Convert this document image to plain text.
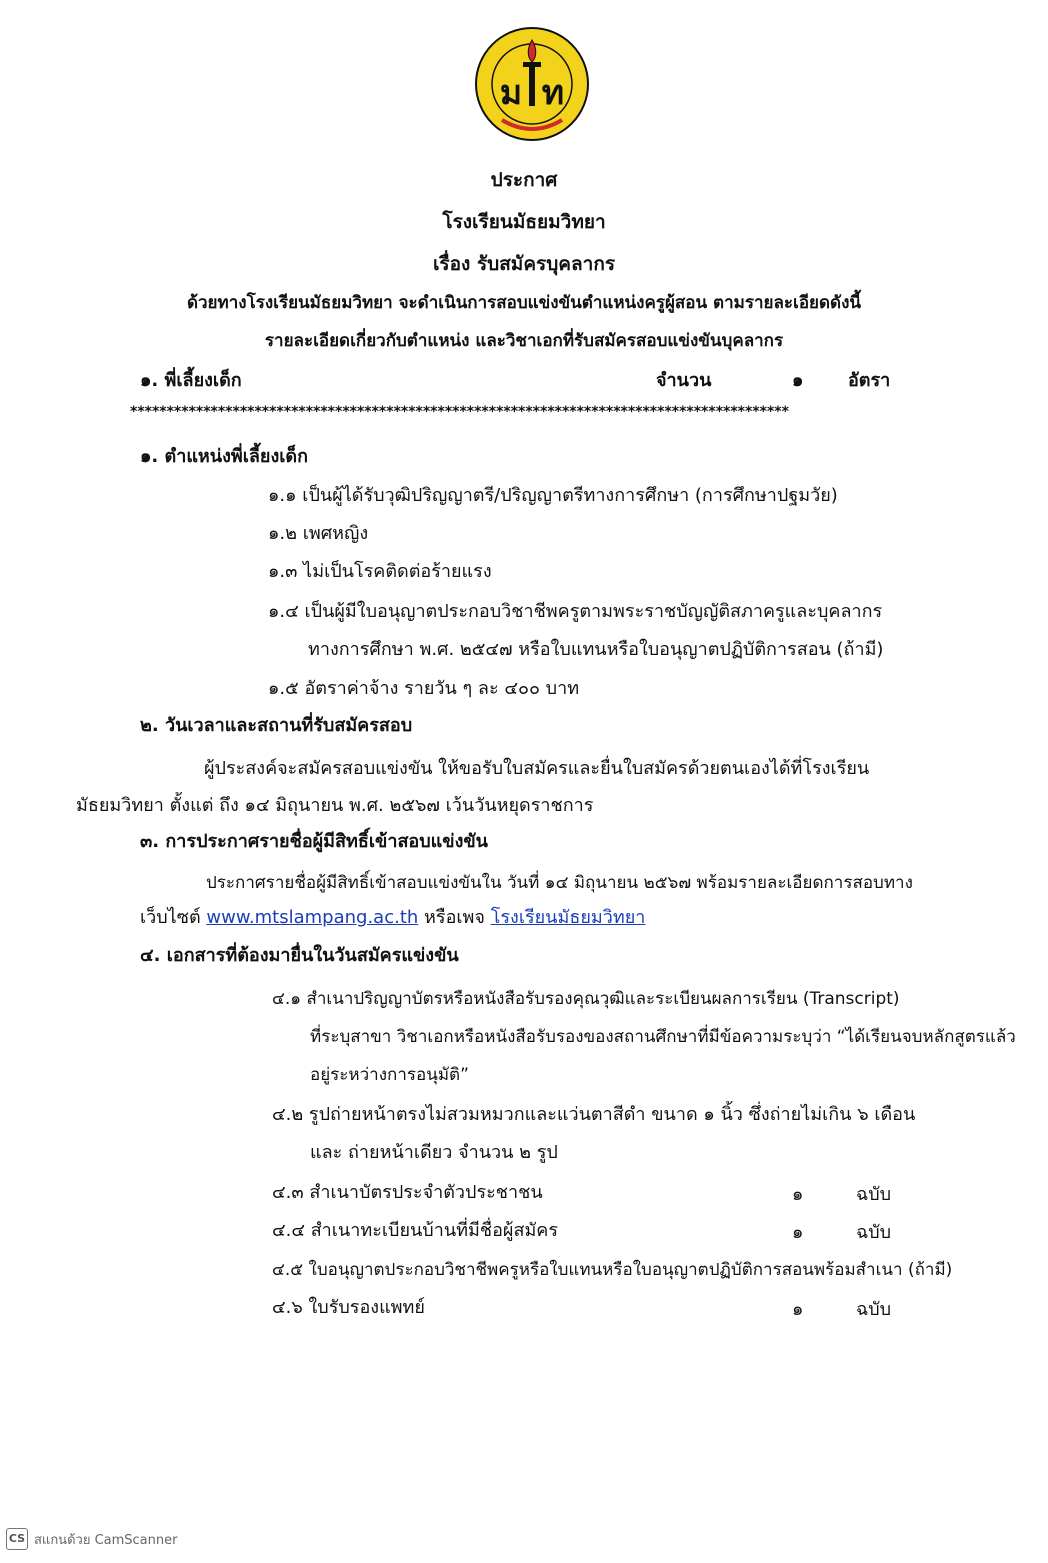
ม ท
ประกาศ
โรงเรียนมัธยมวิทยา
เรื่อง รับสมัครบุคลากร
ด้วยทางโรงเรียนมัธยมวิทยา จะดำเนินการสอบแข่งขันตำแหน่งครูผู้สอน ตามรายละเอียดดังนี้
รายละเอียดเกี่ยวกับตำแหน่ง และวิชาเอกที่รับสมัครสอบแข่งขันบุคลากร
๑. พี่เลี้ยงเด็ก	จำนวน	๑ อัตรา
******************************************************************************************
๑. ตำแหน่งพี่เลี้ยงเด็ก
๑.๑ เป็นผู้ได้รับวุฒิปริญญาตรี/ปริญญาตรีทางการศึกษา (การศึกษาปฐมวัย)
๑.๒ เพศหญิง
๑.๓ ไม่เป็นโรคติดต่อร้ายแรง
๑.๔ เป็นผู้มีใบอนุญาตประกอบวิชาชีพครูตามพระราชบัญญัติสภาครูและบุคลากร
ทางการศึกษา พ.ศ. ๒๕๔๗ หรือใบแทนหรือใบอนุญาตปฏิบัติการสอน (ถ้ามี)
๑.๕ อัตราค่าจ้าง รายวัน ๆ ละ ๔๐๐ บาท
๒. วันเวลาและสถานที่รับสมัครสอบ
ผู้ประสงค์จะสมัครสอบแข่งขัน ให้ขอรับใบสมัครและยื่นใบสมัครด้วยตนเองได้ที่โรงเรียน
มัธยมวิทยา ตั้งแต่ ถึง ๑๔ มิถุนายน พ.ศ. ๒๕๖๗ เว้นวันหยุดราชการ
๓. การประกาศรายชื่อผู้มีสิทธิ์เข้าสอบแข่งขัน
ประกาศรายชื่อผู้มีสิทธิ์เข้าสอบแข่งขันใน วันที่ ๑๔ มิถุนายน ๒๕๖๗ พร้อมรายละเอียดการสอบทาง
เว็บไซต์ www.mtslampang.ac.th หรือเพจ โรงเรียนมัธยมวิทยา
๔. เอกสารที่ต้องมายื่นในวันสมัครแข่งขัน
๔.๑ สำเนาปริญญาบัตรหรือหนังสือรับรองคุณวุฒิและระเบียนผลการเรียน (Transcript)
ที่ระบุสาขา วิชาเอกหรือหนังสือรับรองของสถานศึกษาที่มีข้อความระบุว่า “ได้เรียนจบหลักสูตรแล้ว
อยู่ระหว่างการอนุมัติ”
๔.๒ รูปถ่ายหน้าตรงไม่สวมหมวกและแว่นตาสีดำ ขนาด ๑ นิ้ว ซึ่งถ่ายไม่เกิน ๖ เดือน
และ ถ่ายหน้าเดียว จำนวน ๒ รูป
๔.๓ สำเนาบัตรประจำตัวประชาชน	๑	ฉบับ
๔.๔ สำเนาทะเบียนบ้านที่มีชื่อผู้สมัคร	๑	ฉบับ
๔.๕ ใบอนุญาตประกอบวิชาชีพครูหรือใบแทนหรือใบอนุญาตปฏิบัติการสอนพร้อมสำเนา (ถ้ามี)
๔.๖ ใบรับรองแพทย์	๑	ฉบับ
CS สแกนด้วย CamScanner
